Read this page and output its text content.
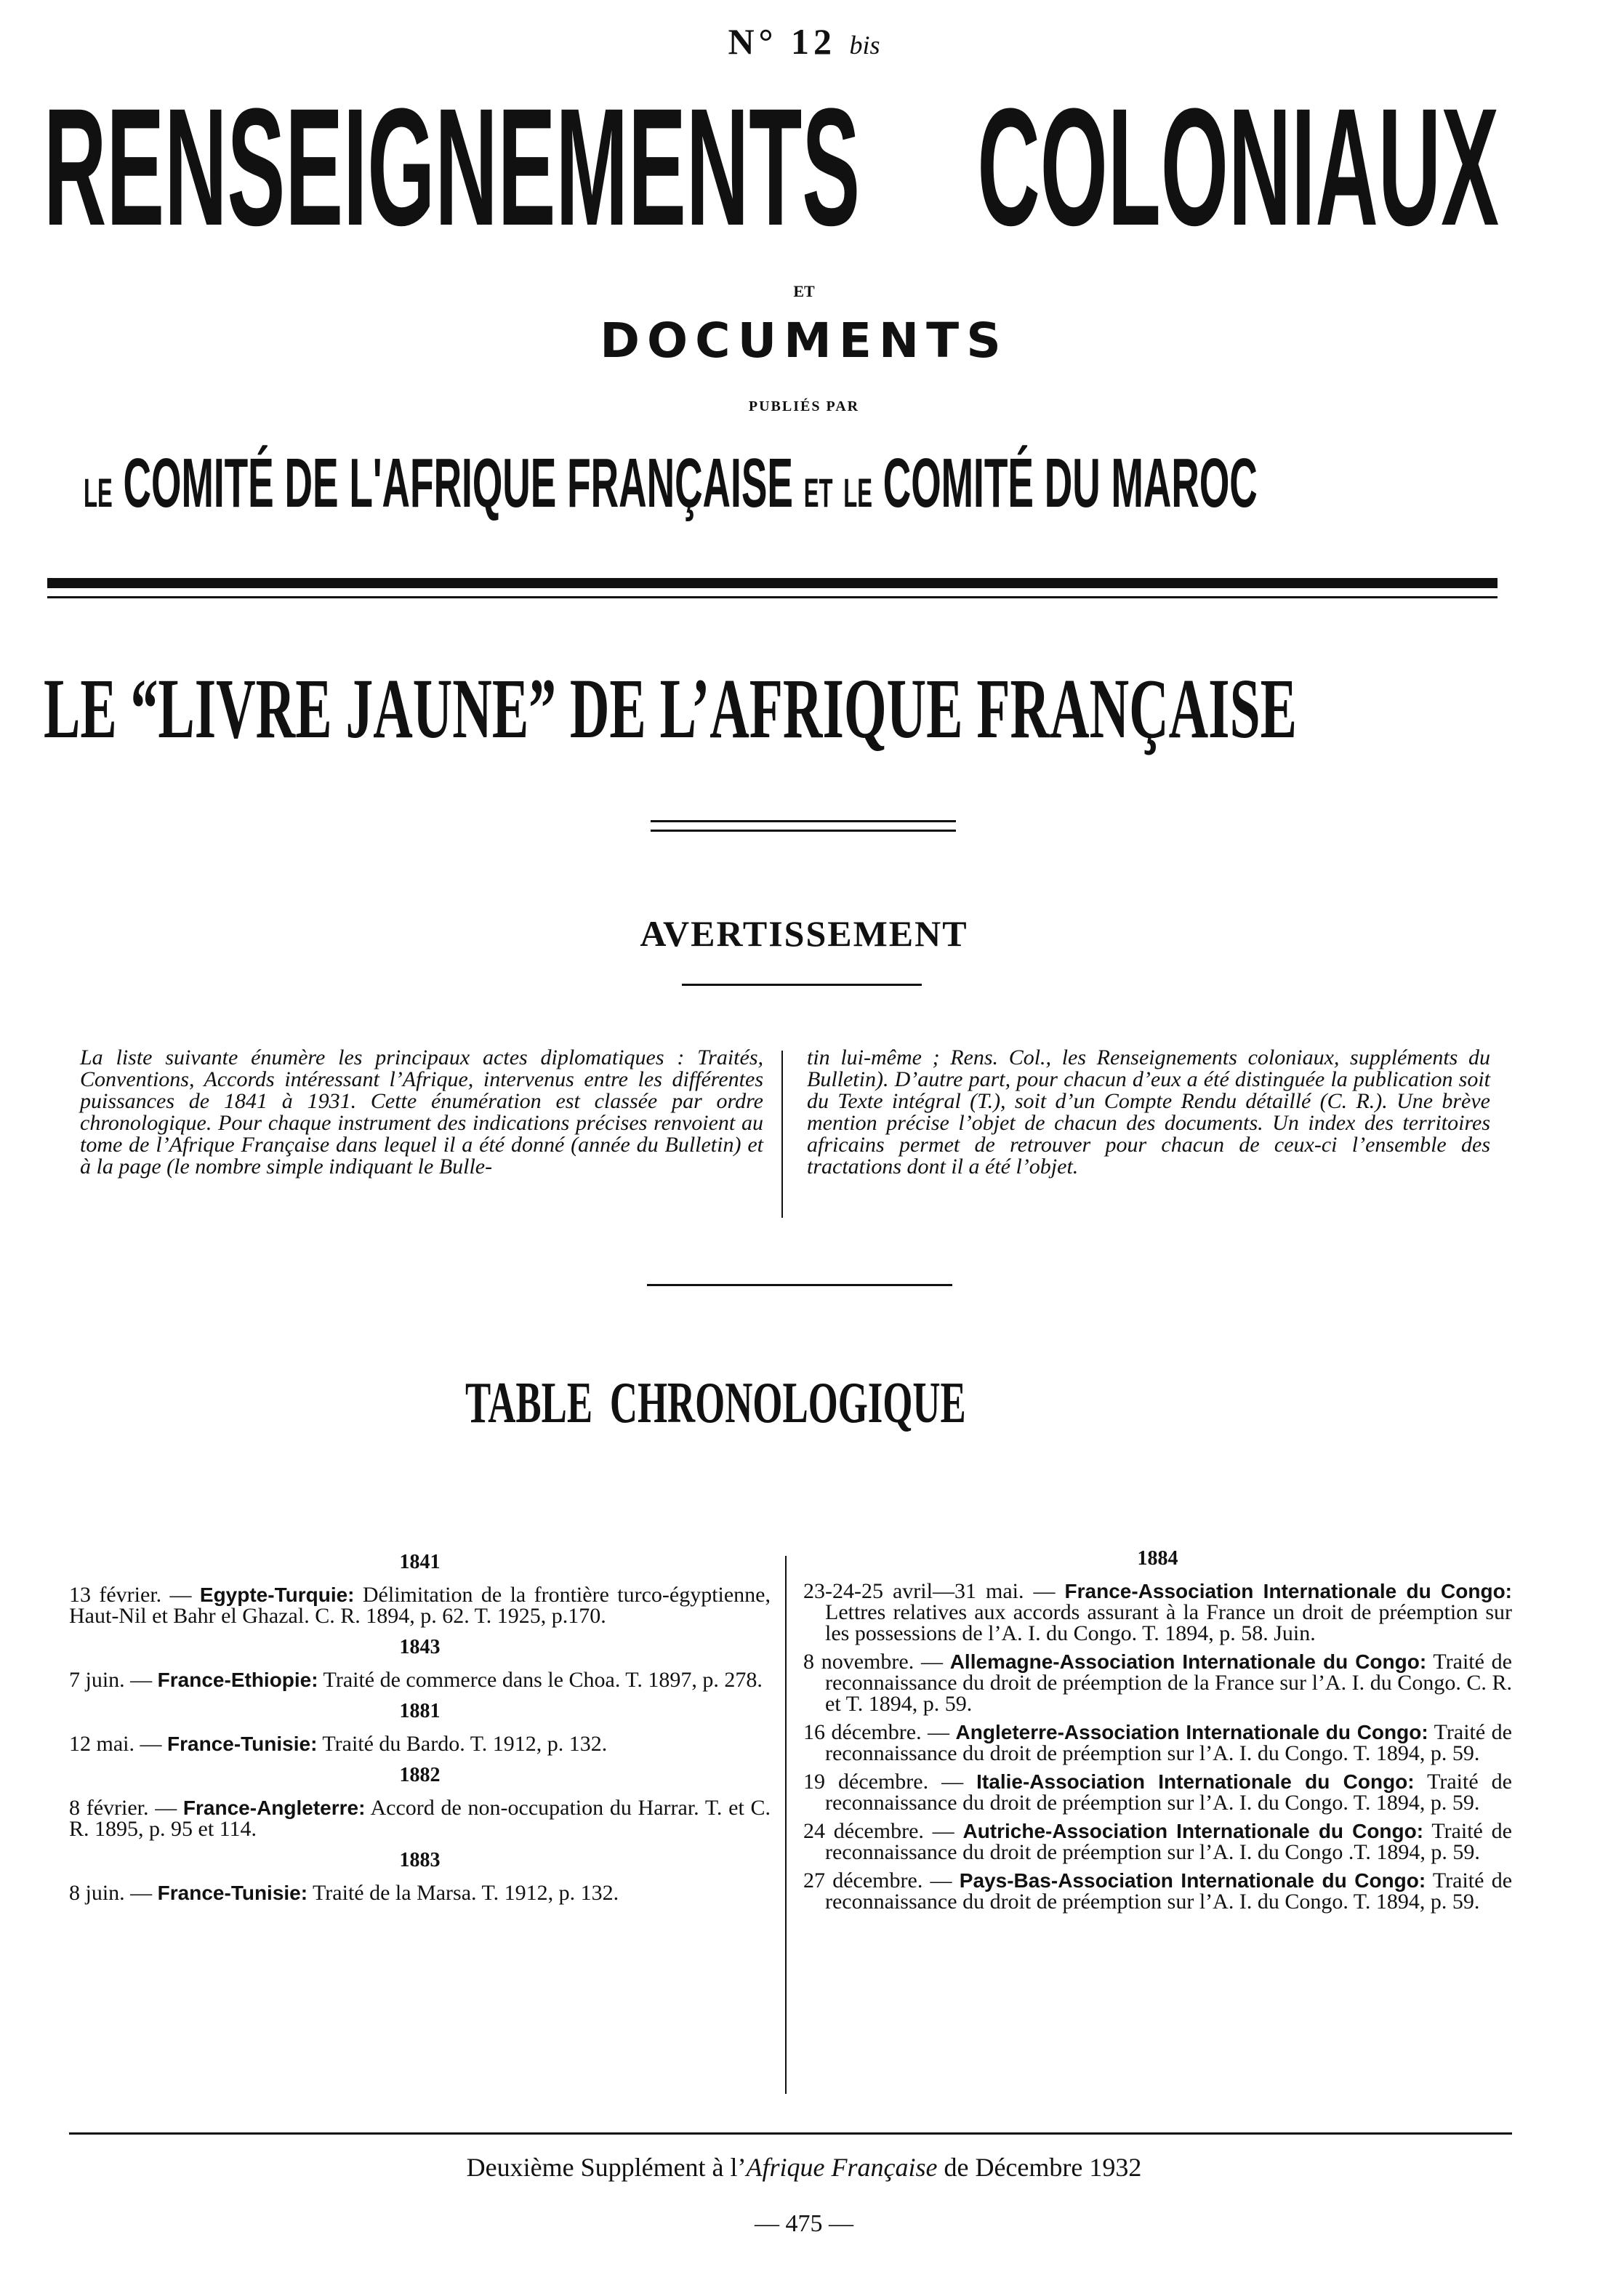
N° 12 bis
RENSEIGNEMENTS COLONIAUX
ET
DOCUMENTS
PUBLIÉS PAR
LE COMITÉ DE L'AFRIQUE FRANÇAISE ET LE COMITÉ DU MAROC
LE “LIVRE JAUNE” DE L’AFRIQUE FRANÇAISE
AVERTISSEMENT
La liste suivante énumère les principaux actes diplomatiques : Traités, Conventions, Accords intéressant l’Afrique, intervenus entre les différentes puissances de 1841 à 1931. Cette énumération est classée par ordre chronologique. Pour chaque instrument des indications précises renvoient au tome de l’Afrique Française dans lequel il a été donné (année du Bulletin) et à la page (le nombre simple indiquant le Bulle-
tin lui-même ; Rens. Col., les Renseignements coloniaux, suppléments du Bulletin). D’autre part, pour chacun d’eux a été distinguée la publication soit du Texte intégral (T.), soit d’un Compte Rendu détaillé (C. R.). Une brève mention précise l’objet de chacun des documents. Un index des territoires africains permet de retrouver pour chacun de ceux-ci l’ensemble des tractations dont il a été l’objet.
TABLE CHRONOLOGIQUE
1841
13 février. — Egypte-Turquie: Délimitation de la frontière turco-égyptienne, Haut-Nil et Bahr el Ghazal. C. R. 1894, p. 62. T. 1925, p.170.
1843
7 juin. — France-Ethiopie: Traité de commerce dans le Choa. T. 1897, p. 278.
1881
12 mai. — France-Tunisie: Traité du Bardo. T. 1912, p. 132.
1882
8 février. — France-Angleterre: Accord de non-occupation du Harrar. T. et C. R. 1895, p. 95 et 114.
1883
8 juin. — France-Tunisie: Traité de la Marsa. T. 1912, p. 132.
1884
23-24-25 avril—31 mai. — France-Association Internationale du Congo: Lettres relatives aux accords assurant à la France un droit de préemption sur les possessions de l’A. I. du Congo. T. 1894, p. 58. Juin.
8 novembre. — Allemagne-Association Internationale du Congo: Traité de reconnaissance du droit de préemption de la France sur l’A. I. du Congo. C. R. et T. 1894, p. 59.
16 décembre. — Angleterre-Association Internationale du Congo: Traité de reconnaissance du droit de préemption sur l’A. I. du Congo. T. 1894, p. 59.
19 décembre. — Italie-Association Internationale du Congo: Traité de reconnaissance du droit de préemption sur l’A. I. du Congo. T. 1894, p. 59.
24 décembre. — Autriche-Association Internationale du Congo: Traité de reconnaissance du droit de préemption sur l’A. I. du Congo .T. 1894, p. 59.
27 décembre. — Pays-Bas-Association Internationale du Congo: Traité de reconnaissance du droit de préemption sur l’A. I. du Congo. T. 1894, p. 59.
Deuxième Supplément à l’Afrique Française de Décembre 1932
— 475 —
